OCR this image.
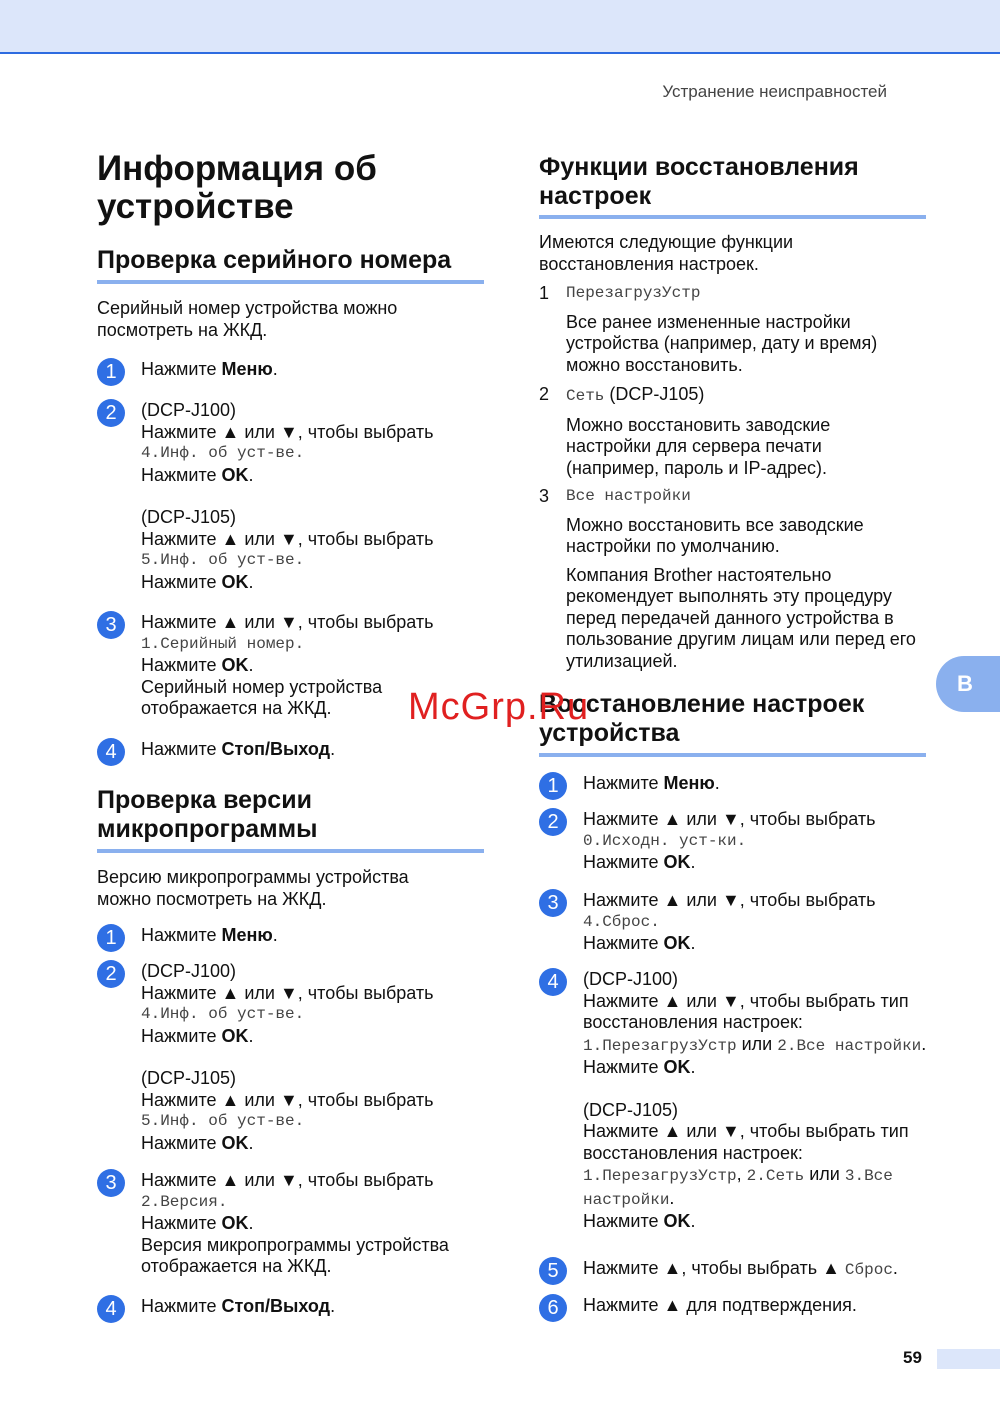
Устранение неисправностей
Информация об устройстве
Проверка серийного номера
Серийный номер устройства можно посмотреть на ЖКД.
1	Нажмите Меню.
2	(DCP-J100)
Нажмите ▲ или ▼, чтобы выбрать
4.Инф. об уст-ве.
Нажмите OK.
(DCP-J105)
Нажмите ▲ или ▼, чтобы выбрать
5.Инф. об уст-ве.
Нажмите OK.
3	Нажмите ▲ или ▼, чтобы выбрать
1.Серийный номер.
Нажмите OK.
Серийный номер устройства отображается на ЖКД.
4	Нажмите Стоп/Выход.
Проверка версии микропрограммы
Версию микропрограммы устройства можно посмотреть на ЖКД.
1	Нажмите Меню.
2	(DCP-J100)
Нажмите ▲ или ▼, чтобы выбрать
4.Инф. об уст-ве.
Нажмите OK.
(DCP-J105)
Нажмите ▲ или ▼, чтобы выбрать
5.Инф. об уст-ве.
Нажмите OK.
3	Нажмите ▲ или ▼, чтобы выбрать
2.Версия.
Нажмите OK.
Версия микропрограммы устройства отображается на ЖКД.
4	Нажмите Стоп/Выход.
Функции восстановления настроек
Имеются следующие функции восстановления настроек.
1 ПерезагрузУстр
Все ранее измененные настройки устройства (например, дату и время) можно восстановить.
2 Сеть (DCP-J105)
Можно восстановить заводские настройки для сервера печати (например, пароль и IP-адрес).
3 Все настройки
Можно восстановить все заводские настройки по умолчанию.
Компания Brother настоятельно рекомендует выполнять эту процедуру перед передачей данного устройства в пользование другим лицам или перед его утилизацией.
Восстановление настроек устройства
1	Нажмите Меню.
2	Нажмите ▲ или ▼, чтобы выбрать
0.Исходн. уст-ки.
Нажмите OK.
3	Нажмите ▲ или ▼, чтобы выбрать
4.Сброс.
Нажмите OK.
4	(DCP-J100)
Нажмите ▲ или ▼, чтобы выбрать тип восстановления настроек:
1.ПерезагрузУстр или 2.Все настройки.
Нажмите OK.
(DCP-J105)
Нажмите ▲ или ▼, чтобы выбрать тип восстановления настроек:
1.ПерезагрузУстр, 2.Сеть или 3.Все настройки.
Нажмите OK.
5	Нажмите ▲, чтобы выбрать ▲ Сброс.
6	Нажмите ▲ для подтверждения.
B
McGrp.Ru
59
